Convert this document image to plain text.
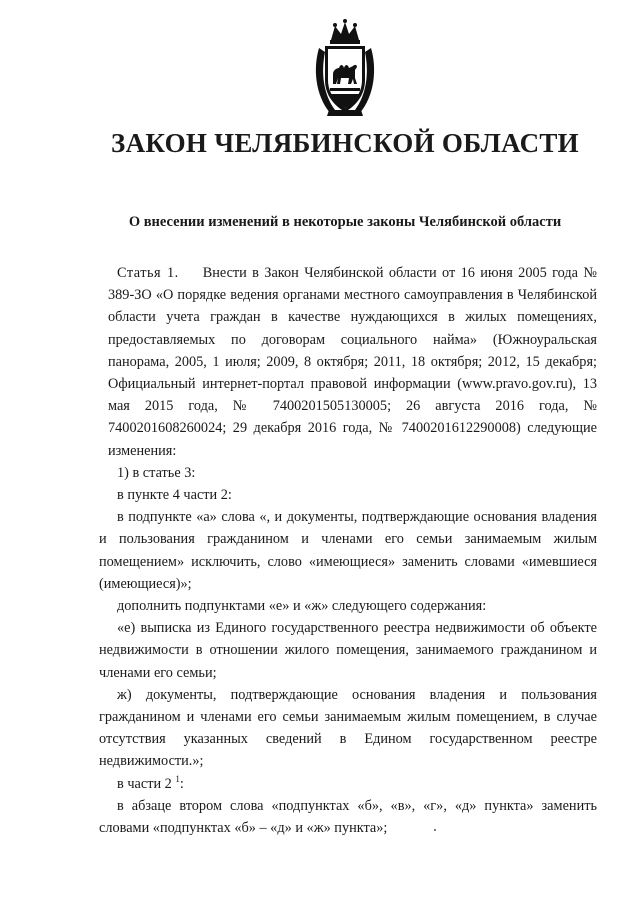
ЗАКОН ЧЕЛЯБИНСКОЙ ОБЛАСТИ
О внесении изменений в некоторые законы Челябинской области

Статья 1. Внести в Закон Челябинской области от 16 июня 2005 года № 389-ЗО «О порядке ведения органами местного самоуправления в Челябинской области учета граждан в качестве нуждающихся в жилых помещениях, предоставляемых по договорам социального найма» (Южноуральская панорама, 2005, 1 июля; 2009, 8 октября; 2011, 18 октября; 2012, 15 декабря; Официальный интернет-портал правовой информации (www.pravo.gov.ru), 13 мая 2015 года, № 7400201505130005; 26 августа 2016 года, № 7400201608260024; 29 декабря 2016 года, № 7400201612290008) следующие изменения:

1) в статье 3:

в пункте 4 части 2:

в подпункте «а» слова «, и документы, подтверждающие основания владения и пользования гражданином и членами его семьи занимаемым жилым помещением» исключить, слово «имеющиеся» заменить словами «имевшиеся (имеющиеся)»;

дополнить подпунктами «е» и «ж» следующего содержания:

«е) выписка из Единого государственного реестра недвижимости об объекте недвижимости в отношении жилого помещения, занимаемого гражданином и членами его семьи;

ж) документы, подтверждающие основания владения и пользования гражданином и членами его семьи занимаемым жилым помещением, в случае отсутствия указанных сведений в Едином государственном реестре недвижимости.»;

в части 2 $^1$:

в абзаце втором слова «подпунктах «б», «в», «г», «д» пункта» заменить словами «подпунктах «б» – «д» и «ж» пункта»;
